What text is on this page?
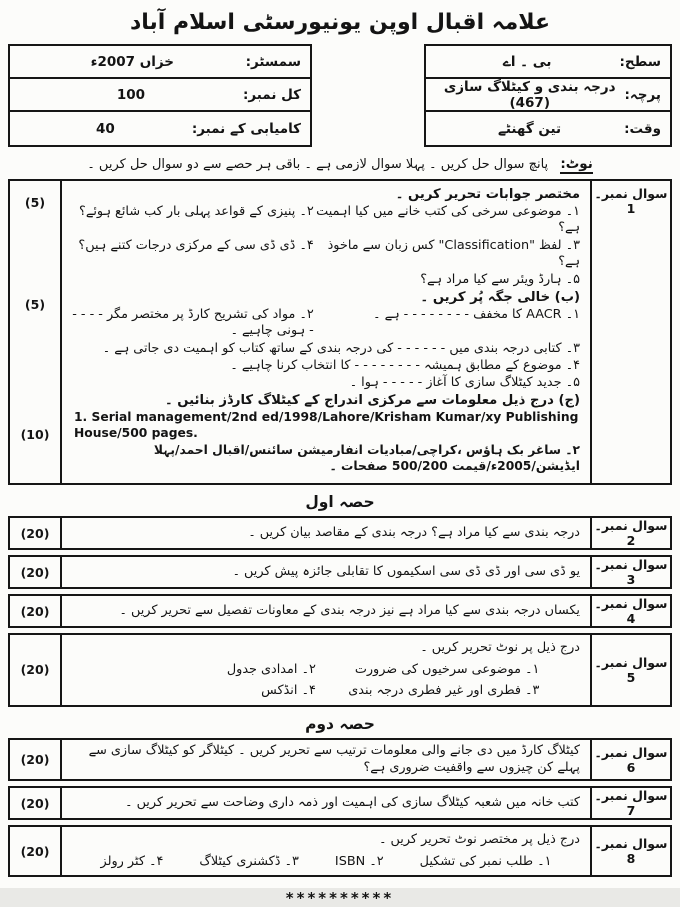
علامہ اقبال اوپن یونیورسٹی اسلام آباد
سطح:
بی ۔ اے
پرچہ:
درجہ بندی و کیٹلاگ سازی (467)
وقت:
تین گھنٹے
سمسٹر:
خزاں 2007ء
کل نمبر:
100
کامیابی کے نمبر:
40
نوٹ: پانچ سوال حل کریں ۔ پہلا سوال لازمی ہے ۔ باقی ہر حصے سے دو سوال حل کریں ۔
سوال نمبر۔1
مختصر جوابات تحریر کریں ۔
۱۔ موضوعی سرخی کی کتب خانے میں کیا اہمیت ہے؟
۲۔ پنیزی کے قواعد پہلی بار کب شائع ہوئے؟
۳۔ لفظ "Classification" کس زبان سے ماخوذ ہے؟
۴۔ ڈی ڈی سی کے مرکزی درجات کتنے ہیں؟
۵۔ ہارڈ ویئر سے کیا مراد ہے؟
(ب) خالی جگہ پُر کریں ۔
۱۔ AACR کا مخفف - - - - - - - - ہے ۔
۲۔ مواد کی تشریح کارڈ پر مختصر مگر - - - - - ہونی چاہیے ۔
۳۔ کتابی درجہ بندی میں - - - - - - کی درجہ بندی کے ساتھ کتاب کو اہمیت دی جاتی ہے ۔
۴۔ موضوع کے مطابق ہمیشہ - - - - - - - - کا انتخاب کرنا چاہیے ۔
۵۔ جدید کیٹلاگ سازی کا آغاز - - - - - ہوا ۔
(ج) درج ذیل معلومات سے مرکزی اندراج کے کیٹلاگ کارڈز بنائیں ۔
1. Serial management/2nd ed/1998/Lahore/Krisham Kumar/xy Publishing House/500 pages.
۲۔ ساغر بک ہاؤس ،کراچی/مبادیات انفارمیشن سائنس/اقبال احمد/پہلا ایڈیشن/2005ء/قیمت 500/200 صفحات ۔
(5)
(5)
(10)
حصہ اول
سوال نمبر۔2
درجہ بندی سے کیا مراد ہے؟ درجہ بندی کے مقاصد بیان کریں ۔
(20)
سوال نمبر۔3
یو ڈی سی اور ڈی ڈی سی اسکیموں کا تقابلی جائزہ پیش کریں ۔
(20)
سوال نمبر۔4
یکساں درجہ بندی سے کیا مراد ہے نیز درجہ بندی کے معاونات تفصیل سے تحریر کریں ۔
(20)
سوال نمبر۔5
درج ذیل پر نوٹ تحریر کریں ۔
۱۔ موضوعی سرخیوں کی ضرورت
۲۔ امدادی جدول
۳۔ فطری اور غیر فطری درجہ بندی
۴۔ انڈکس
(20)
حصہ دوم
سوال نمبر۔6
کیٹلاگ کارڈ میں دی جانے والی معلومات ترتیب سے تحریر کریں ۔ کیٹلاگر کو کیٹلاگ سازی سے پہلے کن چیزوں سے واقفیت ضروری ہے؟
(20)
سوال نمبر۔7
کتب خانہ میں شعبہ کیٹلاگ سازی کی اہمیت اور ذمہ داری وضاحت سے تحریر کریں ۔
(20)
سوال نمبر۔8
درج ذیل پر مختصر نوٹ تحریر کریں ۔
۱۔ طلب نمبر کی تشکیل
۲۔ ISBN
۳۔ ڈکشنری کیٹلاگ
۴۔ کٹر رولز
(20)
**********
